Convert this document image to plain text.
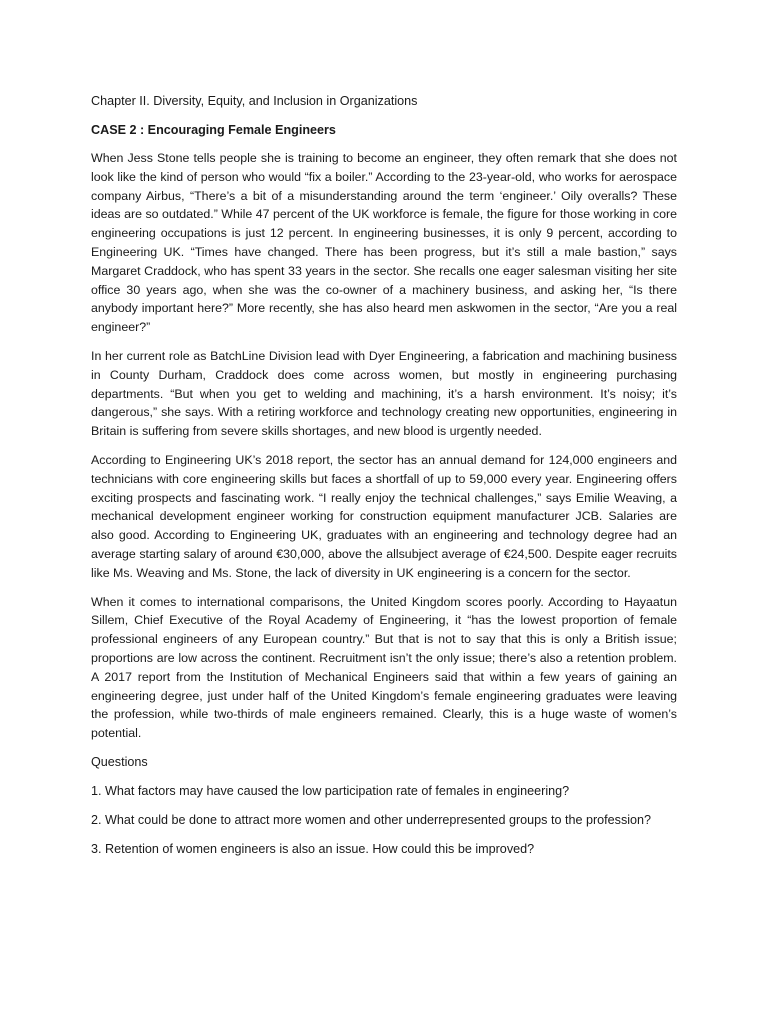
Chapter II. Diversity, Equity, and Inclusion in Organizations

CASE 2 : Encouraging Female Engineers

When Jess Stone tells people she is training to become an engineer, they often remark that she does not look like the kind of person who would “fix a boiler.” According to the 23-year-old, who works for aerospace company Airbus, “There’s a bit of a misunderstanding around the term ‘engineer.’ Oily overalls? These ideas are so outdated.” While 47 percent of the UK workforce is female, the figure for those working in core engineering occupations is just 12 percent. In engineering businesses, it is only 9 percent, according to Engineering UK. “Times have changed. There has been progress, but it’s still a male bastion,” says Margaret Craddock, who has spent 33 years in the sector. She recalls one eager salesman visiting her site office 30 years ago, when she was the co-owner of a machinery business, and asking her, “Is there anybody important here?” More recently, she has also heard men askwomen in the sector, “Are you a real engineer?”

In her current role as BatchLine Division lead with Dyer Engineering, a fabrication and machining business in County Durham, Craddock does come across women, but mostly in engineering purchasing departments. “But when you get to welding and machining, it’s a harsh environment. It’s noisy; it’s dangerous,” she says. With a retiring workforce and technology creating new opportunities, engineering in Britain is suffering from severe skills shortages, and new blood is urgently needed.

According to Engineering UK’s 2018 report, the sector has an annual demand for 124,000 engineers and technicians with core engineering skills but faces a shortfall of up to 59,000 every year. Engineering offers exciting prospects and fascinating work. “I really enjoy the technical challenges,” says Emilie Weaving, a mechanical development engineer working for construction equipment manufacturer JCB. Salaries are also good. According to Engineering UK, graduates with an engineering and technology degree had an average starting salary of around €30,000, above the allsubject average of €24,500. Despite eager recruits like Ms. Weaving and Ms. Stone, the lack of diversity in UK engineering is a concern for the sector.

When it comes to international comparisons, the United Kingdom scores poorly. According to Hayaatun Sillem, Chief Executive of the Royal Academy of Engineering, it “has the lowest proportion of female professional engineers of any European country.” But that is not to say that this is only a British issue; proportions are low across the continent. Recruitment isn’t the only issue; there’s also a retention problem. A 2017 report from the Institution of Mechanical Engineers said that within a few years of gaining an engineering degree, just under half of the United Kingdom’s female engineering graduates were leaving the profession, while two-thirds of male engineers remained. Clearly, this is a huge waste of women’s potential.

Questions

1. What factors may have caused the low participation rate of females in engineering?

2. What could be done to attract more women and other underrepresented groups to the profession?

3. Retention of women engineers is also an issue. How could this be improved?
